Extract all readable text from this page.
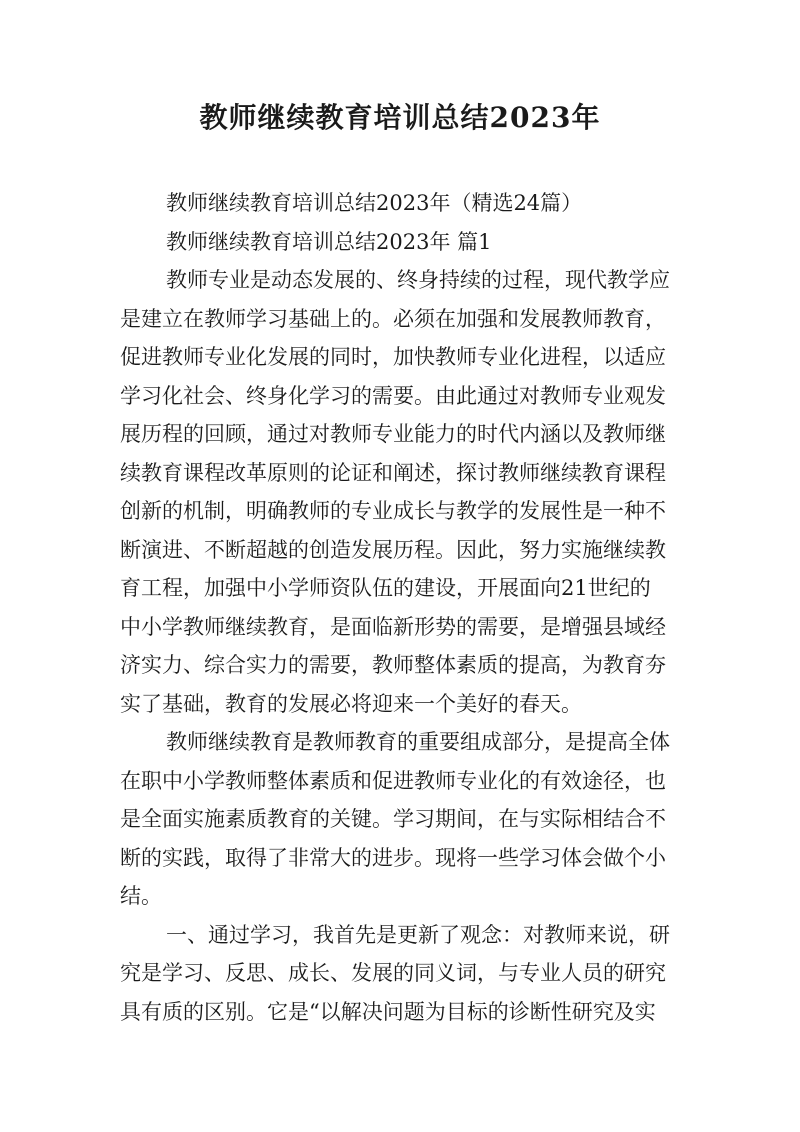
教师继续教育培训总结2023年

教师继续教育培训总结2023年（精选24篇）

教师继续教育培训总结2023年 篇1

教师专业是动态发展的、终身持续的过程，现代教学应

是建立在教师学习基础上的。必须在加强和发展教师教育，

促进教师专业化发展的同时，加快教师专业化进程，以适应

学习化社会、终身化学习的需要。由此通过对教师专业观发

展历程的回顾，通过对教师专业能力的时代内涵以及教师继

续教育课程改革原则的论证和阐述，探讨教师继续教育课程

创新的机制，明确教师的专业成长与教学的发展性是一种不

断演进、不断超越的创造发展历程。因此，努力实施继续教

育工程，加强中小学师资队伍的建设，开展面向21世纪的

中小学教师继续教育，是面临新形势的需要，是增强县域经

济实力、综合实力的需要，教师整体素质的提高，为教育夯

实了基础，教育的发展必将迎来一个美好的春天。

教师继续教育是教师教育的重要组成部分，是提高全体

在职中小学教师整体素质和促进教师专业化的有效途径，也

是全面实施素质教育的关键。学习期间，在与实际相结合不

断的实践，取得了非常大的进步。现将一些学习体会做个小

结。

一、通过学习，我首先是更新了观念：对教师来说，研

究是学习、反思、成长、发展的同义词，与专业人员的研究

具有质的区别。它是“以解决问题为目标的诊断性研究及实
